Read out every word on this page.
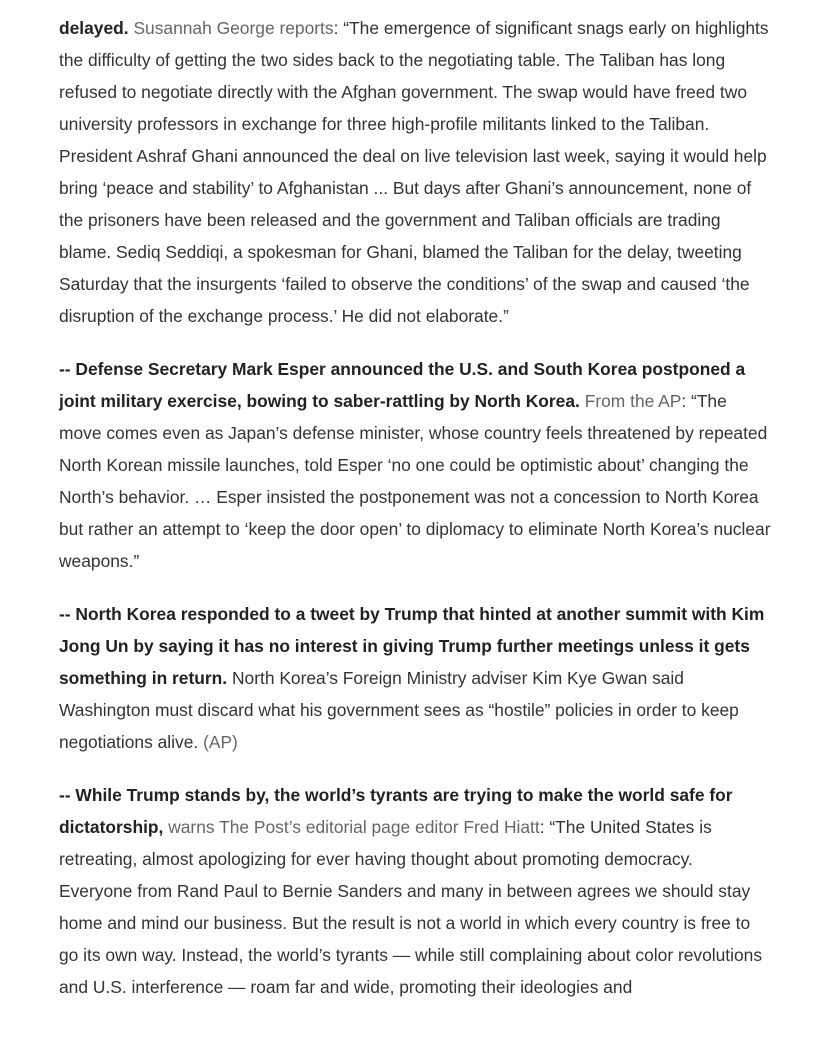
delayed. Susannah George reports: “The emergence of significant snags early on highlights the difficulty of getting the two sides back to the negotiating table. The Taliban has long refused to negotiate directly with the Afghan government. The swap would have freed two university professors in exchange for three high-profile militants linked to the Taliban. President Ashraf Ghani announced the deal on live television last week, saying it would help bring ‘peace and stability’ to Afghanistan ... But days after Ghani’s announcement, none of the prisoners have been released and the government and Taliban officials are trading blame. Sediq Seddiqi, a spokesman for Ghani, blamed the Taliban for the delay, tweeting Saturday that the insurgents ‘failed to observe the conditions’ of the swap and caused ‘the disruption of the exchange process.’ He did not elaborate.”

-- Defense Secretary Mark Esper announced the U.S. and South Korea postponed a joint military exercise, bowing to saber-rattling by North Korea. From the AP: “The move comes even as Japan’s defense minister, whose country feels threatened by repeated North Korean missile launches, told Esper ‘no one could be optimistic about’ changing the North’s behavior. … Esper insisted the postponement was not a concession to North Korea but rather an attempt to ‘keep the door open’ to diplomacy to eliminate North Korea’s nuclear weapons.”

-- North Korea responded to a tweet by Trump that hinted at another summit with Kim Jong Un by saying it has no interest in giving Trump further meetings unless it gets something in return. North Korea’s Foreign Ministry adviser Kim Kye Gwan said Washington must discard what his government sees as “hostile” policies in order to keep negotiations alive. (AP)

-- While Trump stands by, the world’s tyrants are trying to make the world safe for dictatorship, warns The Post’s editorial page editor Fred Hiatt: “The United States is retreating, almost apologizing for ever having thought about promoting democracy. Everyone from Rand Paul to Bernie Sanders and many in between agrees we should stay home and mind our business. But the result is not a world in which every country is free to go its own way. Instead, the world’s tyrants — while still complaining about color revolutions and U.S. interference — roam far and wide, promoting their ideologies and
